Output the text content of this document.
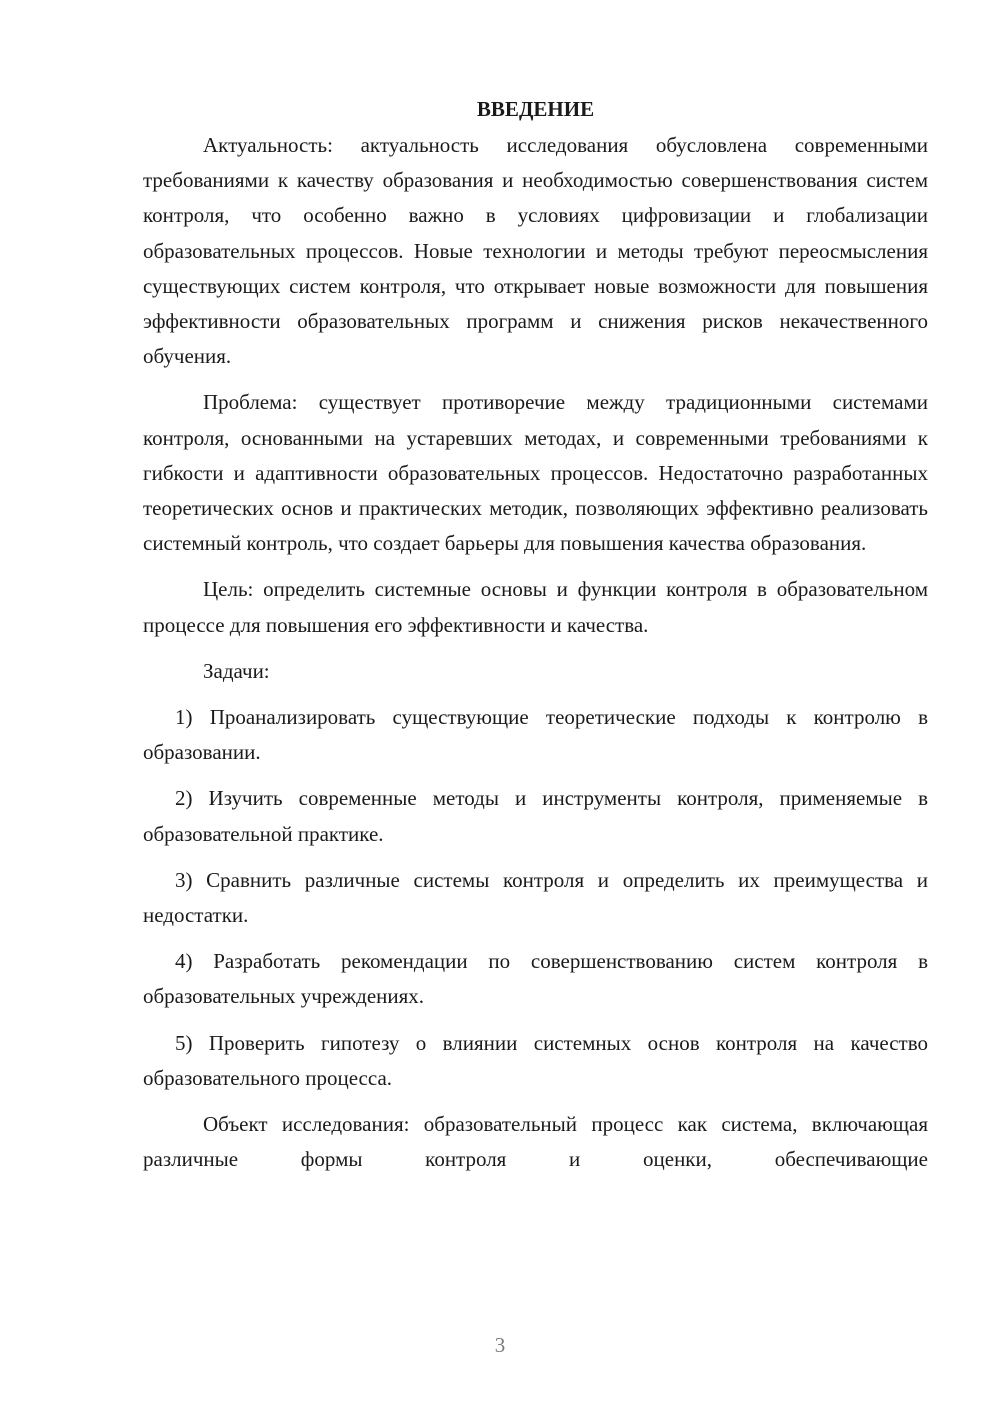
ВВЕДЕНИЕ

Актуальность: актуальность исследования обусловлена современными требованиями к качеству образования и необходимостью совершенствования систем контроля, что особенно важно в условиях цифровизации и глобализации образовательных процессов. Новые технологии и методы требуют переосмысления существующих систем контроля, что открывает новые возможности для повышения эффективности образовательных программ и снижения рисков некачественного обучения.

Проблема: существует противоречие между традиционными системами контроля, основанными на устаревших методах, и современными требованиями к гибкости и адаптивности образовательных процессов. Недостаточно разработанных теоретических основ и практических методик, позволяющих эффективно реализовать системный контроль, что создает барьеры для повышения качества образования.

Цель: определить системные основы и функции контроля в образовательном процессе для повышения его эффективности и качества.

Задачи:

1) Проанализировать существующие теоретические подходы к контролю в образовании.

2) Изучить современные методы и инструменты контроля, применяемые в образовательной практике.

3) Сравнить различные системы контроля и определить их преимущества и недостатки.

4) Разработать рекомендации по совершенствованию систем контроля в образовательных учреждениях.

5) Проверить гипотезу о влиянии системных основ контроля на качество образовательного процесса.

Объект исследования: образовательный процесс как система, включающая различные формы контроля и оценки, обеспечивающие

3
